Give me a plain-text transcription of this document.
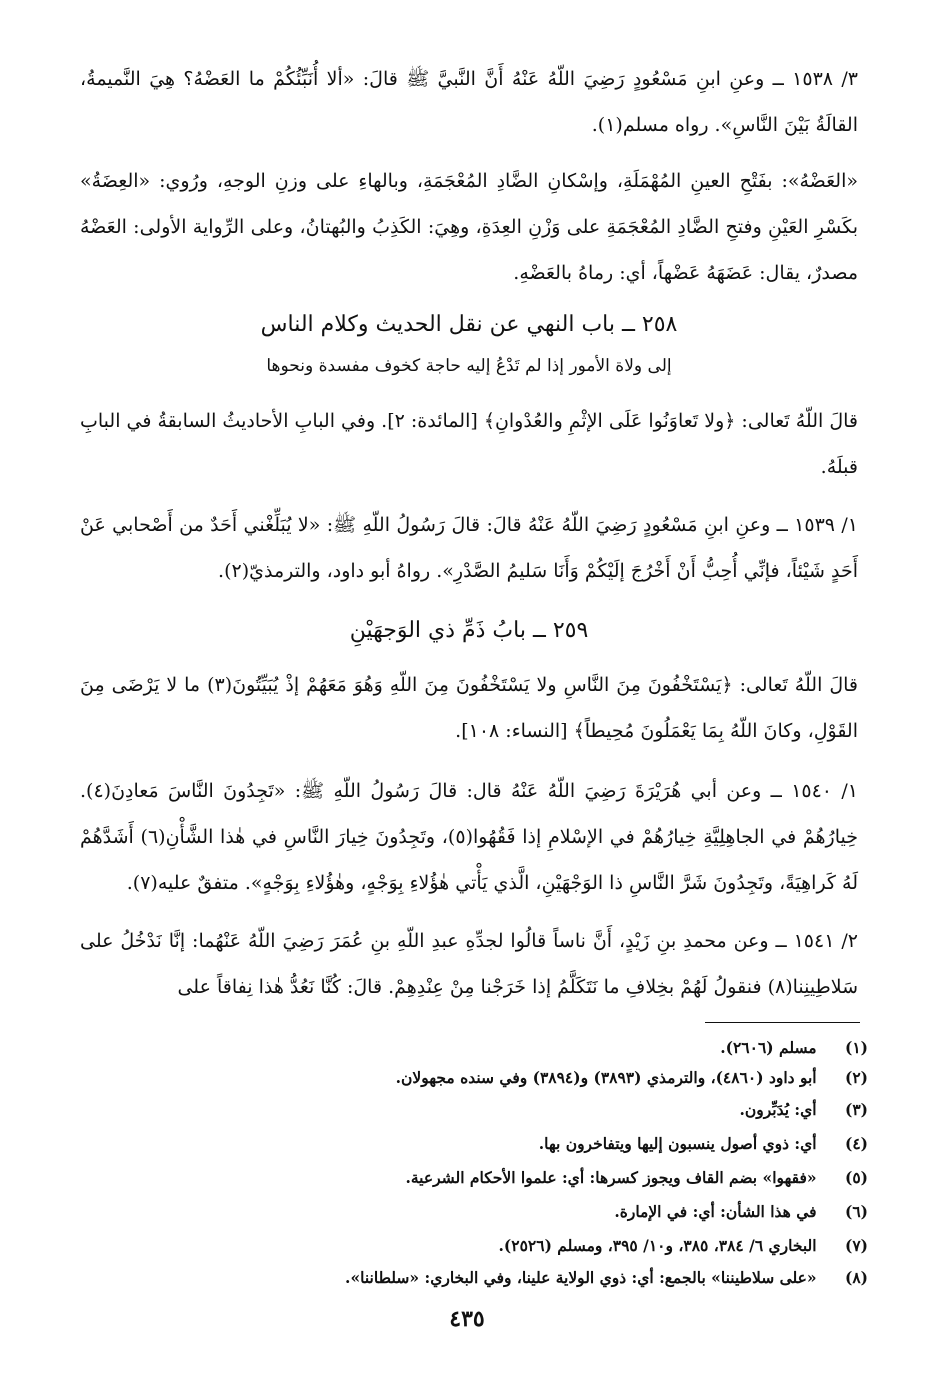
٣/ ١٥٣٨ ــ وعنِ ابنِ مَسْعُودٍ رَضِيَ اللّهُ عَنْهُ أَنَّ النَّبيَّ ﷺ قالَ: «ألا أُنَبِّئُكُمْ ما العَضْهُ؟ هِيَ النَّميمةُ، القالَةُ بَيْنَ النَّاسِ». رواه مسلم(١).
«العَضْهُ»: بفَتْحِ العينِ المُهْمَلَةِ، وإسْكانِ الضَّادِ المُعْجَمَةِ، وبالهاءِ على وزنِ الوجهِ، ورُوي: «العِضَةُ» بكَسْرِ العَيْنِ وفتحِ الضَّادِ المُعْجَمَةِ على وَزْنِ العِدَةِ، وهِيَ: الكَذِبُ والبُهتانُ، وعلى الرِّواية الأولى: العَضْهُ مصدرٌ، يقال: عَضَهَهُ عَضْهاً، أي: رماهُ بالعَضْهِ.
٢٥٨ ــ باب النهي عن نقل الحديث وكلام الناس
إلى ولاة الأمور إذا لم تَدْعُ إليه حاجة كخوف مفسدة ونحوها
قالَ اللّهُ تَعالى: ﴿ولا تَعاوَنُوا عَلَى الإثْمِ والعُدْوانِ﴾ [المائدة: ٢]. وفي البابِ الأحاديثُ السابقةُ في البابِ قبلَهُ.
١/ ١٥٣٩ ــ وعنِ ابنِ مَسْعُودٍ رَضِيَ اللّهُ عَنْهُ قالَ: قالَ رَسُولُ اللّهِ ﷺ: «لا يُبَلِّغْني أَحَدٌ من أَصْحابي عَنْ أَحَدٍ شَيْئاً، فإنِّي أُحِبُّ أَنْ أَخْرُجَ إلَيْكُمْ وَأَنَا سَليمُ الصَّدْرِ». رواهُ أبو داود، والترمذيّ(٢).
٢٥٩ ــ بابُ ذَمِّ ذي الوَجهَيْنِ
قالَ اللّهُ تَعالى: ﴿يَسْتَخْفُونَ مِنَ النَّاسِ ولا يَسْتَخْفُونَ مِنَ اللّهِ وَهُوَ مَعَهُمْ إذْ يُبَيِّتُونَ(٣) ما لا يَرْضَى مِنَ القَوْلِ، وكانَ اللّهُ بِمَا يَعْمَلُونَ مُحِيطاً﴾ [النساء: ١٠٨].
١/ ١٥٤٠ ــ وعن أبي هُرَيْرَةَ رَضِيَ اللّهُ عَنْهُ قال: قالَ رَسُولُ اللّهِ ﷺ: «تَجِدُونَ النَّاسَ مَعادِنَ(٤). خِيارُهُمْ في الجاهِلِيَّةِ خِيارُهُمْ في الإسْلامِ إذا فَقُهُوا(٥)، وتَجِدُونَ خِيارَ النَّاسِ في هٰذا الشَّأْنِ(٦) أَشَدَّهُمْ لَهُ كَراهِيَةً، وتَجِدُونَ شَرَّ النَّاسِ ذا الوَجْهَيْنِ، الَّذي يَأْتي هٰؤُلاءِ بِوَجْهٍ، وهٰؤُلاءِ بِوَجْهٍ». متفقٌ عليه(٧).
٢/ ١٥٤١ ــ وعن محمدِ بنِ زَيْدٍ، أَنَّ ناساً قالُوا لجدِّهِ عبدِ اللّهِ بنِ عُمَرَ رَضِيَ اللّهُ عَنْهُما: إنَّا نَدْخُلُ على سَلاطِينِنا(٨) فنقولُ لَهُمْ بخِلافِ ما نَتَكَلَّمُ إذا خَرَجْنا مِنْ عِنْدِهِمْ. قالَ: كُنَّا نَعُدُّ هٰذا نِفاقاً على
(١) مسلم (٢٦٠٦).
(٢) أبو داود (٤٨٦٠)، والترمذي (٣٨٩٣) و(٣٨٩٤) وفي سنده مجهولان.
(٣) أي: يُدَبِّرون.
(٤) أي: ذوي أصول ينسبون إليها ويتفاخرون بها.
(٥) «فقهوا» بضم القاف ويجوز كسرها: أي: علموا الأحكام الشرعية.
(٦) في هذا الشأن: أي: في الإمارة.
(٧) البخاري ٦/ ٣٨٤، ٣٨٥، و١٠/ ٣٩٥، ومسلم (٢٥٢٦).
(٨) «على سلاطيننا» بالجمع: أي: ذوي الولاية علينا، وفي البخاري: «سلطاننا».
٤٣٥
